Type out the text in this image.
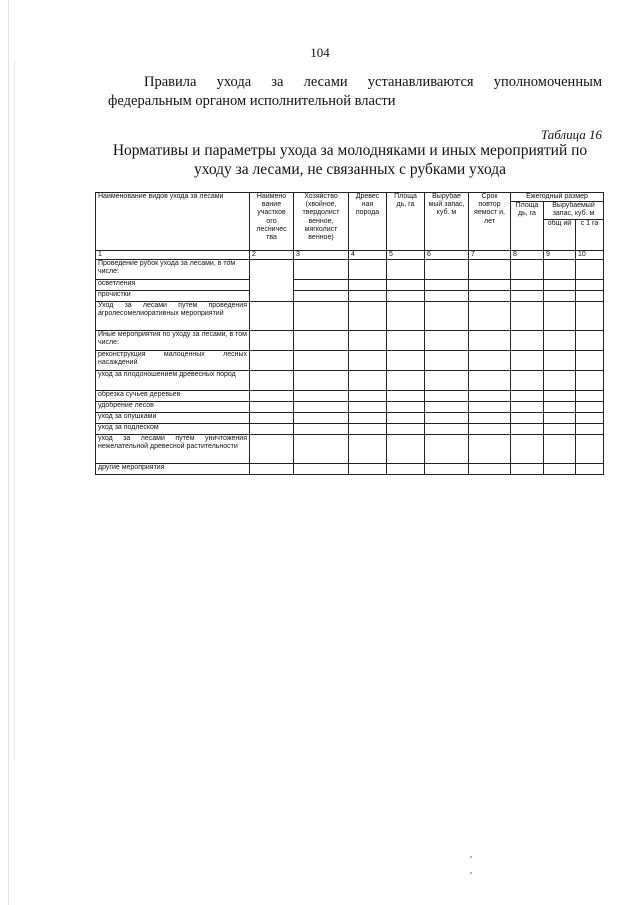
104
Правила ухода за лесами устанавливаются уполномоченным
федеральным органом исполнительной власти
Таблица 16
Нормативы и параметры ухода за молодняками и иных мероприятий по
уходу за лесами, не связанных с рубками ухода
Наименование видов ухода за лесами	Наимено вание участков ого лесничес тва	Хозяйство (хвойное, твердолист венное, мягколист венное)	Древес ная порода	Площа дь, га	Вырубае мый запас, куб. м	Срок повтор яемост и, лет	Ежегодный размер		
							Площа дь, га	Вырубаемый запас, куб. м	
								общ ий	с 1 га
1	2	3	4	5	6	7	8	9	10
Проведение рубок ухода за лесами, в том числе:									
осветления									
прочистки									
Уход за лесами путем проведения агролесомелиоративных мероприятий									
Иные мероприятия по уходу за лесами, в том числе:									
реконструкция малоценных лесных насаждений									
уход за плодоношением древесных пород									
обрезка сучьев деревьев									
удобрение лесов									
уход за опушками									
уход за подлеском									
уход за лесами путем уничтожения нежелательной древесной растительности									
другие мероприятия									
